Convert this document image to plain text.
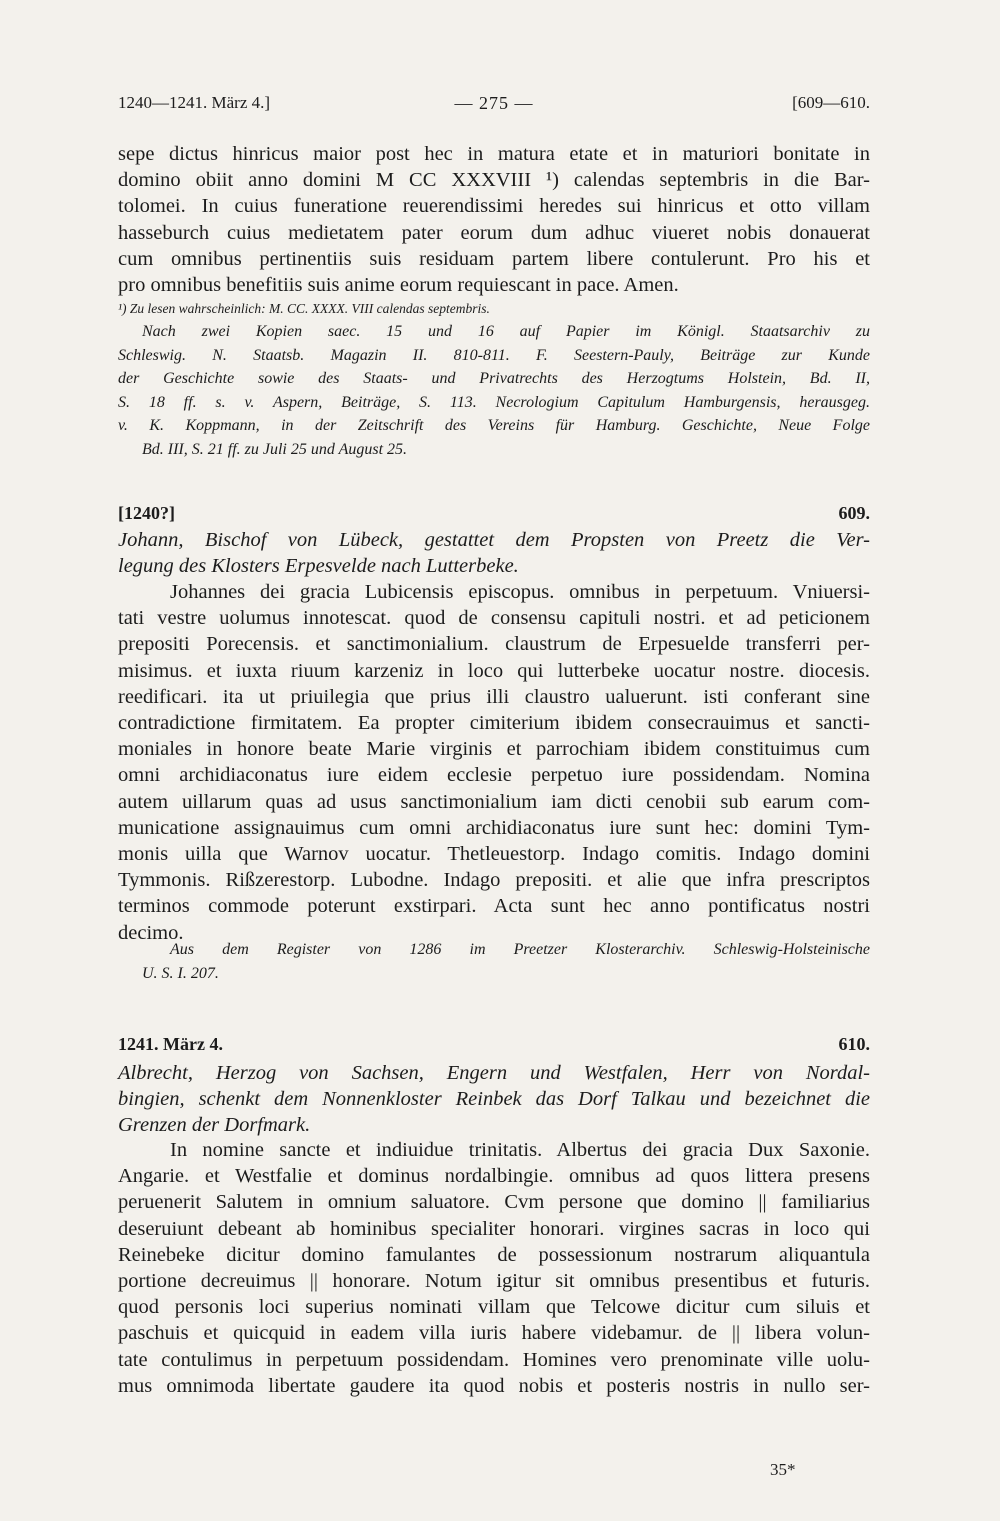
1240—1241. März 4.]	— 275 —	[609—610.
sepe dictus hinricus maior post hec in matura etate et in maturiori bonitate in
domino obiit anno domini M CC XXXVIII ¹) calendas septembris in die Bar-
tolomei. In cuius funeratione reuerendissimi heredes sui hinricus et otto villam
hasseburch cuius medietatem pater eorum dum adhuc viueret nobis donauerat
cum omnibus pertinentiis suis residuam partem libere contulerunt. Pro his et
pro omnibus benefitiis suis anime eorum requiescant in pace. Amen.
¹) Zu lesen wahrscheinlich: M. CC. XXXX. VIII calendas septembris.
Nach zwei Kopien saec. 15 und 16 auf Papier im Königl. Staatsarchiv zu
Schleswig. N. Staatsb. Magazin II. 810-811. F. Seestern-Pauly, Beiträge zur Kunde
der Geschichte sowie des Staats- und Privatrechts des Herzogtums Holstein, Bd. II,
S. 18 ff. s. v. Aspern, Beiträge, S. 113. Necrologium Capitulum Hamburgensis, herausgeg.
v. K. Koppmann, in der Zeitschrift des Vereins für Hamburg. Geschichte, Neue Folge
Bd. III, S. 21 ff. zu Juli 25 und August 25.
[1240?]	609.
Johann, Bischof von Lübeck, gestattet dem Propsten von Preetz die Ver-
legung des Klosters Erpesvelde nach Lutterbeke.
Johannes dei gracia Lubicensis episcopus. omnibus in perpetuum. Vniuersi-
tati vestre uolumus innotescat. quod de consensu capituli nostri. et ad peticionem
prepositi Porecensis. et sanctimonialium. claustrum de Erpesuelde transferri per-
misimus. et iuxta riuum karzeniz in loco qui lutterbeke uocatur nostre. diocesis.
reedificari. ita ut priuilegia que prius illi claustro ualuerunt. isti conferant sine
contradictione firmitatem. Ea propter cimiterium ibidem consecrauimus et sancti-
moniales in honore beate Marie virginis et parrochiam ibidem constituimus cum
omni archidiaconatus iure eidem ecclesie perpetuo iure possidendam. Nomina
autem uillarum quas ad usus sanctimonialium iam dicti cenobii sub earum com-
municatione assignauimus cum omni archidiaconatus iure sunt hec: domini Tym-
monis uilla que Warnov uocatur. Thetleuestorp. Indago comitis. Indago domini
Tymmonis. Rißzerestorp. Lubodne. Indago prepositi. et alie que infra prescriptos
terminos commode poterunt exstirpari. Acta sunt hec anno pontificatus nostri
decimo.
Aus dem Register von 1286 im Preetzer Klosterarchiv. Schleswig-Holsteinische
U. S. I. 207.
1241. März 4.	610.
Albrecht, Herzog von Sachsen, Engern und Westfalen, Herr von Nordal-
bingien, schenkt dem Nonnenkloster Reinbek das Dorf Talkau und bezeichnet die
Grenzen der Dorfmark.
In nomine sancte et indiuidue trinitatis. Albertus dei gracia Dux Saxonie.
Angarie. et Westfalie et dominus nordalbingie. omnibus ad quos littera presens
peruenerit Salutem in omnium saluatore. Cvm persone que domino || familiarius
deseruiunt debeant ab hominibus specialiter honorari. virgines sacras in loco qui
Reinebeke dicitur domino famulantes de possessionum nostrarum aliquantula
portione decreuimus || honorare. Notum igitur sit omnibus presentibus et futuris.
quod personis loci superius nominati villam que Telcowe dicitur cum siluis et
paschuis et quicquid in eadem villa iuris habere videbamur. de || libera volun-
tate contulimus in perpetuum possidendam. Homines vero prenominate ville uolu-
mus omnimoda libertate gaudere ita quod nobis et posteris nostris in nullo ser-
35*
